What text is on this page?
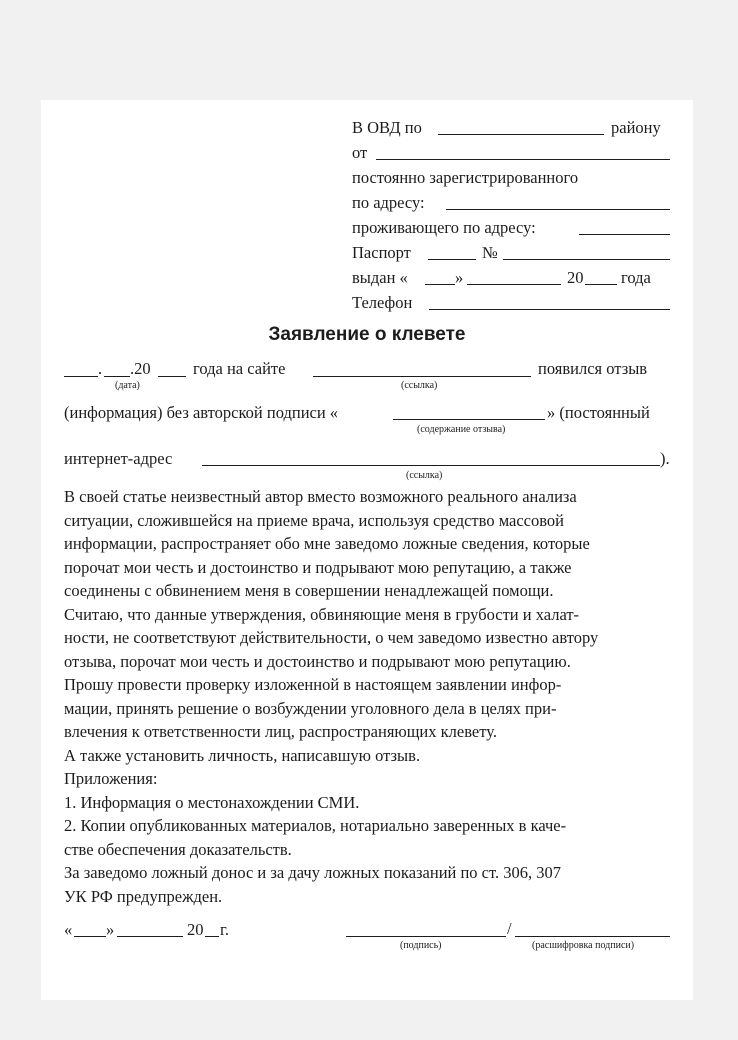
В ОВД по	району
от
постоянно зарегистрированного
по адресу:
проживающего по адресу:
Паспорт	№
выдан «	»	20 года
Телефон
Заявление о клевете
. .20	года на сайте	появился отзыв
(дата)	(ссылка)
(информация) без авторской подписи «	» (постоянный
(содержание отзыва)
интернет-адрес	).
(ссылка)
В своей статье неизвестный автор вместо возможного реального анализа
ситуации, сложившейся на приеме врача, используя средство массовой
информации, распространяет обо мне заведомо ложные сведения, которые
порочат мои честь и достоинство и подрывают мою репутацию, а также
соединены с обвинением меня в совершении ненадлежащей помощи.
Считаю, что данные утверждения, обвиняющие меня в грубости и халат-
ности, не соответствуют действительности, о чем заведомо известно автору
отзыва, порочат мои честь и достоинство и подрывают мою репутацию.
Прошу провести проверку изложенной в настоящем заявлении инфор-
мации, принять решение о возбуждении уголовного дела в целях при-
влечения к ответственности лиц, распространяющих клевету.
А также установить личность, написавшую отзыв.
Приложения:
1. Информация о местонахождении СМИ.
2. Копии опубликованных материалов, нотариально заверенных в каче-
стве обеспечения доказательств.
За заведомо ложный донос и за дачу ложных показаний по ст. 306, 307
УК РФ предупрежден.
« »	20 г.	/
(подпись)	(расшифровка подписи)
